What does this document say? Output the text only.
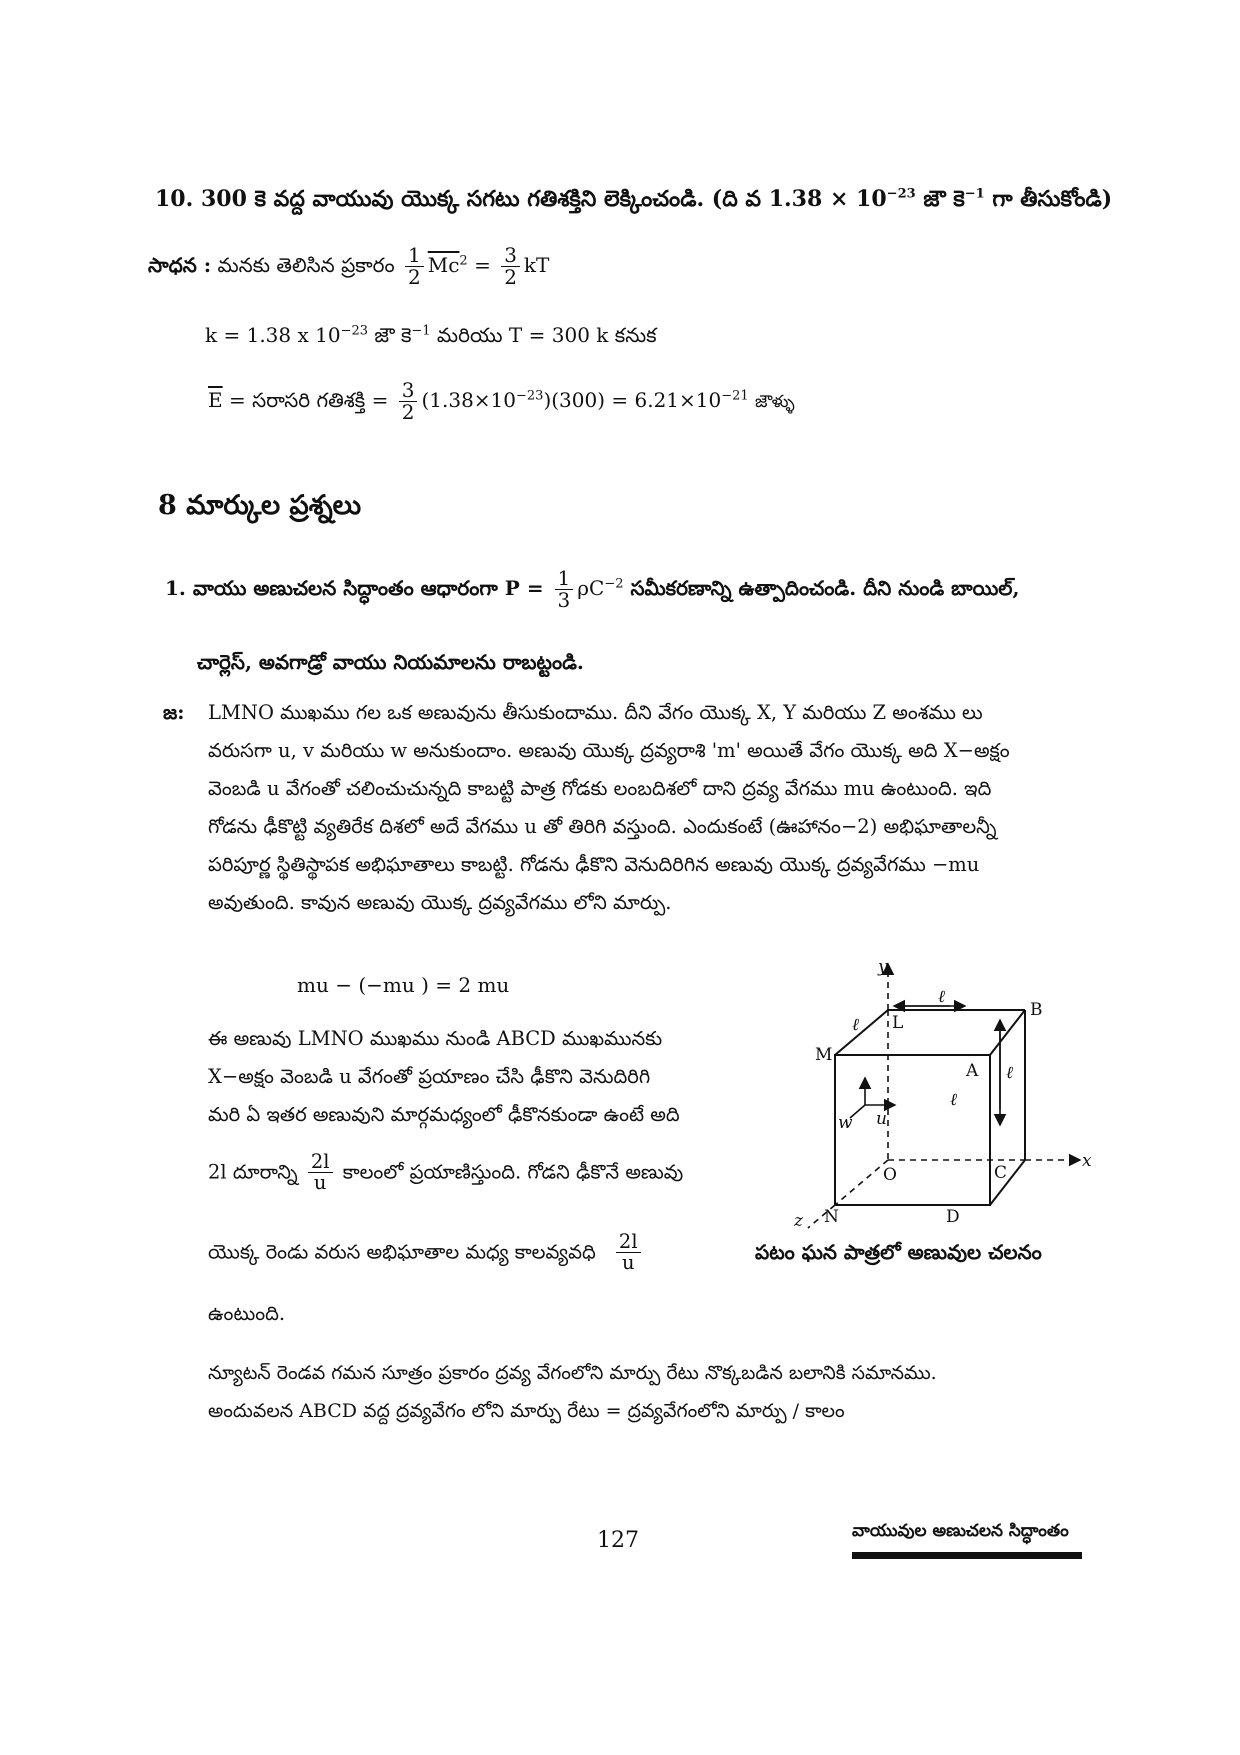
10. 300 కె వద్ద వాయువు యొక్క సగటు గతిశక్తిని లెక్కించండి. (ది వ $1.38 \times 10^{-23}$ జౌ కె$^{-1}$ గా తీసుకోండి)
సాధన : మనకు తెలిసిన ప్రకారం $\frac{1}{2} \overline{Mc}^2 = \frac{3}{2}$ kT
k = 1.38 x $10^{-23}$ జౌ కె$^{-1}$ మరియు T = 300 k కనుక
$\overline{E}$ = సరాసరి గతిశక్తి = $\frac{3}{2} (1.38\times 10^{-23})(300) = 6.21\times 10^{-21}$ జౌళ్ళు
8 మార్కుల ప్రశ్నలు
1. వాయు అణుచలన సిద్ధాంతం ఆధారంగా $P = \frac{1}{3} \rho C^{-2}$ సమీకరణాన్ని ఉత్పాదించండి. దీని నుండి బాయిల్,
చార్లెస్, అవగాడ్రో వాయు నియమాలను రాబట్టండి.
జ: LMNO ముఖము గల ఒక అణువును తీసుకుందాము. దీని వేగం యొక్క X, Y మరియు Z అంశము లు
వరుసగా u, v మరియు w అనుకుందాం. అణువు యొక్క ద్రవ్యరాశి 'm' అయితే వేగం యొక్క అది X−అక్షం
వెంబడి u వేగంతో చలించుచున్నది కాబట్టి పాత్ర గోడకు లంబదిశలో దాని ద్రవ్య వేగము mu ఉంటుంది. ఇది
గోడను ఢీకొట్టి వ్యతిరేక దిశలో అదే వేగము u తో తిరిగి వస్తుంది. ఎందుకంటే (ఊహానం−2) అభిఘాతాలన్నీ
పరిపూర్ణ స్థితిస్థాపక అభిఘాతాలు కాబట్టి. గోడను ఢీకొని వెనుదిరిగిన అణువు యొక్క ద్రవ్యవేగము −mu
అవుతుంది. కావున అణువు యొక్క ద్రవ్యవేగము లోని మార్పు.
mu − (−mu ) = 2 mu
ఈ అణువు LMNO ముఖము నుండి ABCD ముఖమునకు
X−అక్షం వెంబడి u వేగంతో ప్రయాణం చేసి ఢీకొని వెనుదిరిగి
మరి ఏ ఇతర అణువుని మార్గమధ్యంలో ఢీకొనకుండా ఉంటే అది
2l దూరాన్ని $\frac{2l}{u}$ కాలంలో ప్రయాణిస్తుంది. గోడని ఢీకొనే అణువు
యొక్క రెండు వరుస అభిఘాతాల మధ్య కాలవ్యవధి $\frac{2l}{u}$
ఉంటుంది.
న్యూటన్ రెండవ గమన సూత్రం ప్రకారం ద్రవ్య వేగంలోని మార్పు రేటు నొక్కబడిన బలానికి సమానము.
అందువలన ABCD వద్ద ద్రవ్యవేగం లోని మార్పు రేటు = ద్రవ్యవేగంలోని మార్పు / కాలం
y
x
z
L
M
B
A
C
D
N
O
w u
ℓ
ℓ
ℓ
ℓ
పటం ఘన పాత్రలో అణువుల చలనం
127	వాయువుల అణుచలన సిద్ధాంతం
